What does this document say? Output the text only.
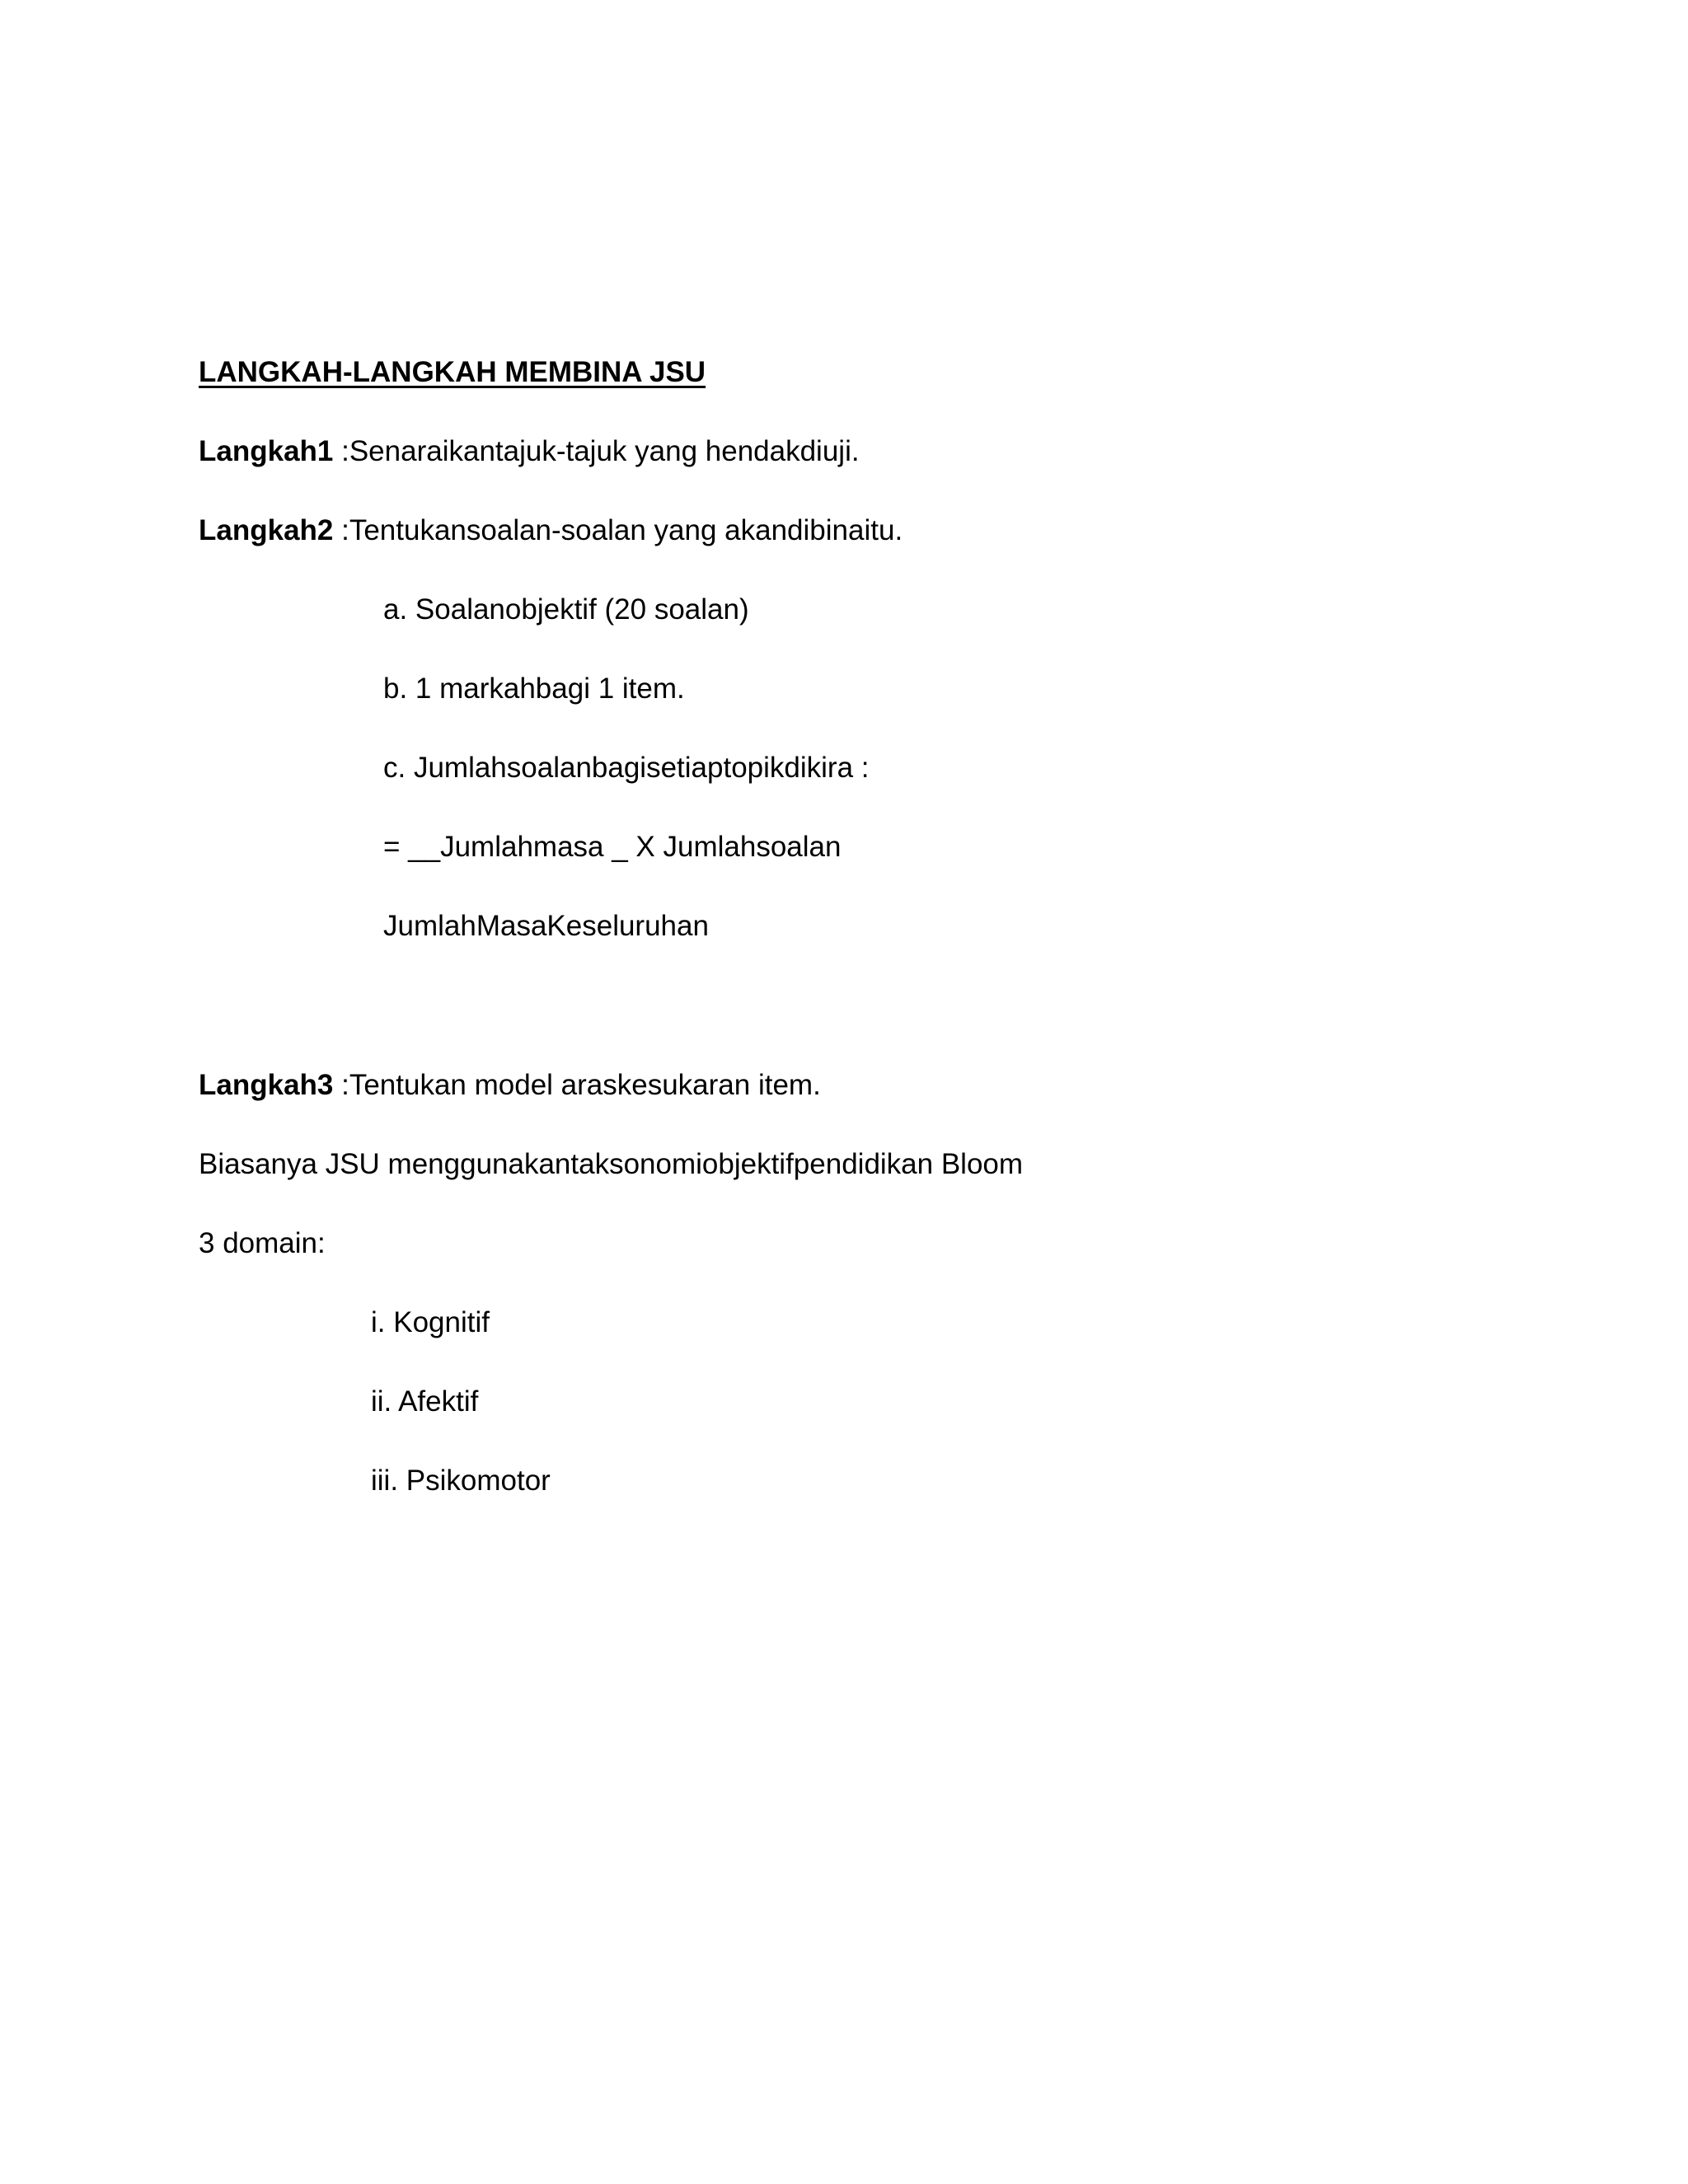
LANGKAH-LANGKAH MEMBINA JSU

Langkah1 :Senaraikantajuk-tajuk yang hendakdiuji.

Langkah2 :Tentukansoalan-soalan yang akandibinaitu.

a. Soalanobjektif (20 soalan)

b. 1 markahbagi 1 item.

c. Jumlahsoalanbagisetiaptopikdikira :

= __Jumlahmasa _ X Jumlahsoalan

JumlahMasaKeseluruhan

Langkah3 :Tentukan model araskesukaran item.

Biasanya JSU menggunakantaksonomiobjektifpendidikan Bloom

3 domain:

i. Kognitif

ii. Afektif

iii. Psikomotor
